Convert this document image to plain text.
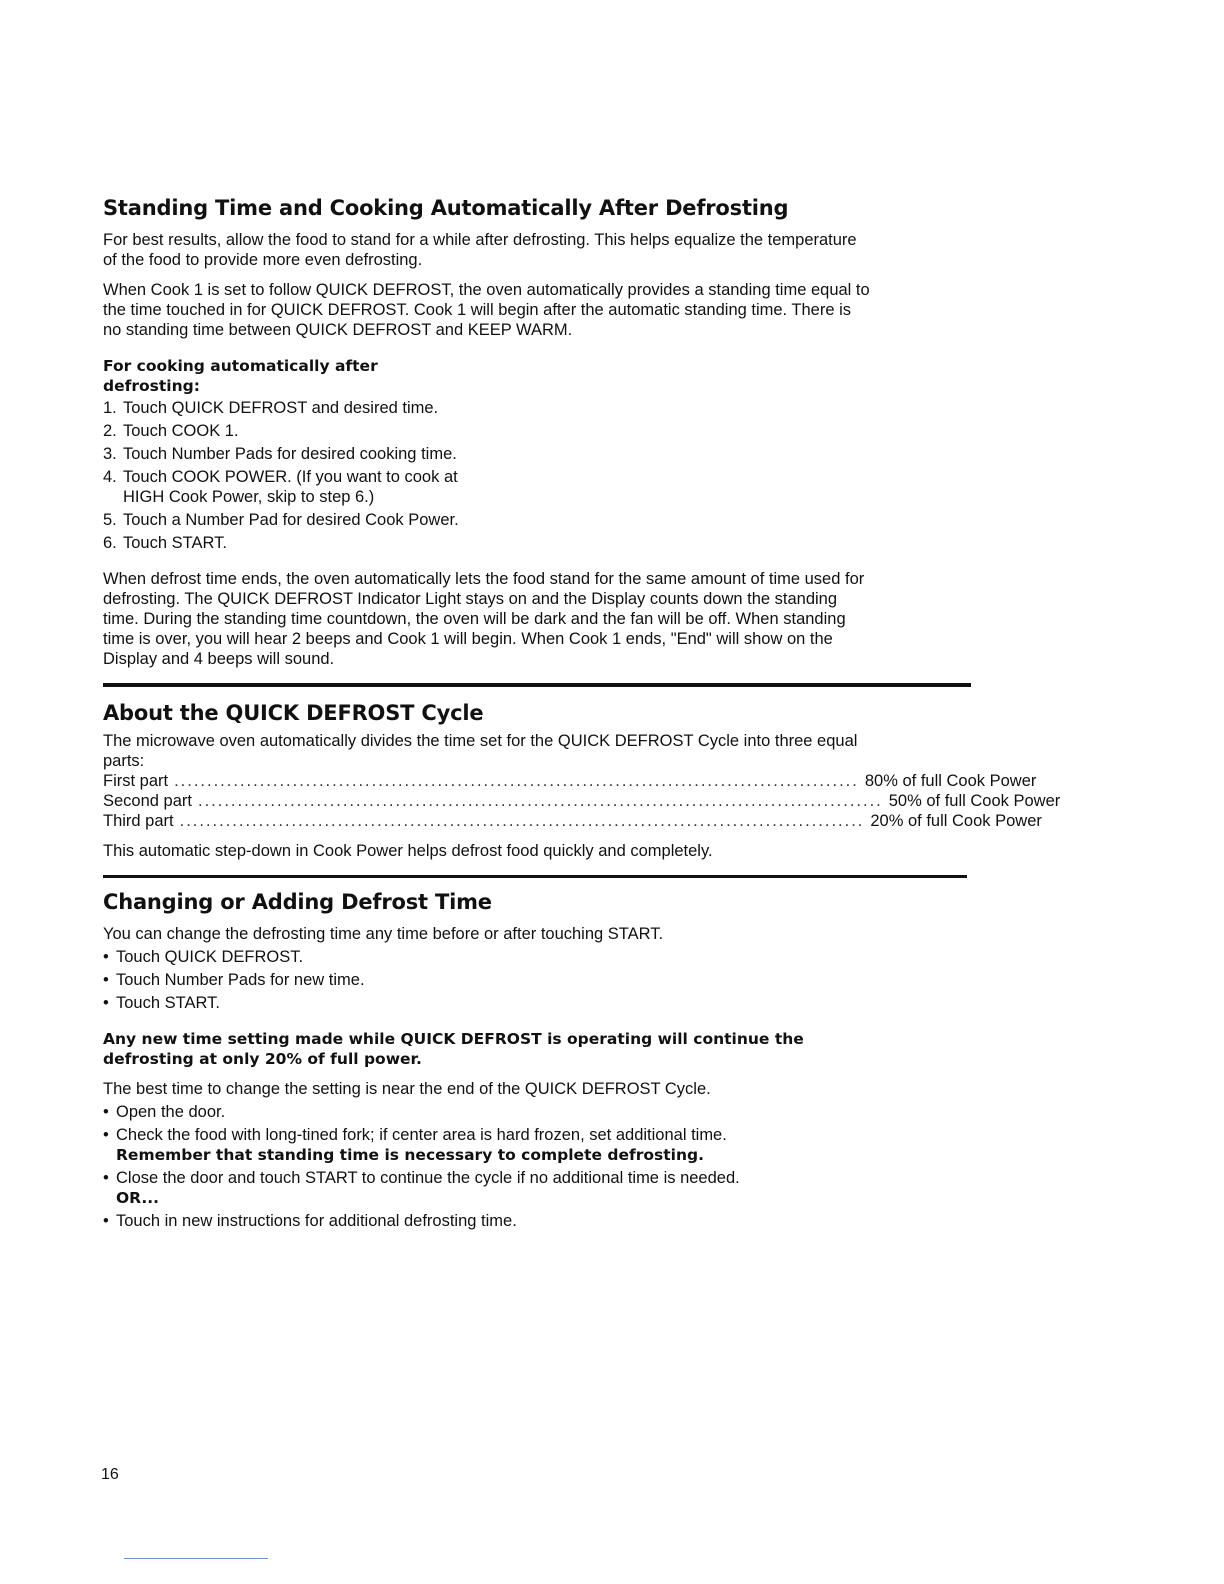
Standing Time and Cooking Automatically After Defrosting

For best results, allow the food to stand for a while after defrosting. This helps equalize the temperature of the food to provide more even defrosting.

When Cook 1 is set to follow QUICK DEFROST, the oven automatically provides a standing time equal to the time touched in for QUICK DEFROST. Cook 1 will begin after the automatic standing time. There is no standing time between QUICK DEFROST and KEEP WARM.

For cooking automatically after defrosting:

1. Touch QUICK DEFROST and desired time.
2. Touch COOK 1.
3. Touch Number Pads for desired cooking time.
4. Touch COOK POWER. (If you want to cook at HIGH Cook Power, skip to step 6.)
5. Touch a Number Pad for desired Cook Power.
6. Touch START.

When defrost time ends, the oven automatically lets the food stand for the same amount of time used for defrosting. The QUICK DEFROST Indicator Light stays on and the Display counts down the standing time. During the standing time countdown, the oven will be dark and the fan will be off. When standing time is over, you will hear 2 beeps and Cook 1 will begin. When Cook 1 ends, "End" will show on the Display and 4 beeps will sound.

About the QUICK DEFROST Cycle

The microwave oven automatically divides the time set for the QUICK DEFROST Cycle into three equal parts:

First part ........................................................................................................ 80% of full Cook Power
Second part ........................................................................................................ 50% of full Cook Power
Third part ........................................................................................................ 20% of full Cook Power

This automatic step-down in Cook Power helps defrost food quickly and completely.

Changing or Adding Defrost Time

You can change the defrosting time any time before or after touching START.

• Touch QUICK DEFROST.
• Touch Number Pads for new time.
• Touch START.

Any new time setting made while QUICK DEFROST is operating will continue the defrosting at only 20% of full power.

The best time to change the setting is near the end of the QUICK DEFROST Cycle.

• Open the door.
• Check the food with long-tined fork; if center area is hard frozen, set additional time.
Remember that standing time is necessary to complete defrosting.
• Close the door and touch START to continue the cycle if no additional time is needed.
OR...
• Touch in new instructions for additional defrosting time.
16
